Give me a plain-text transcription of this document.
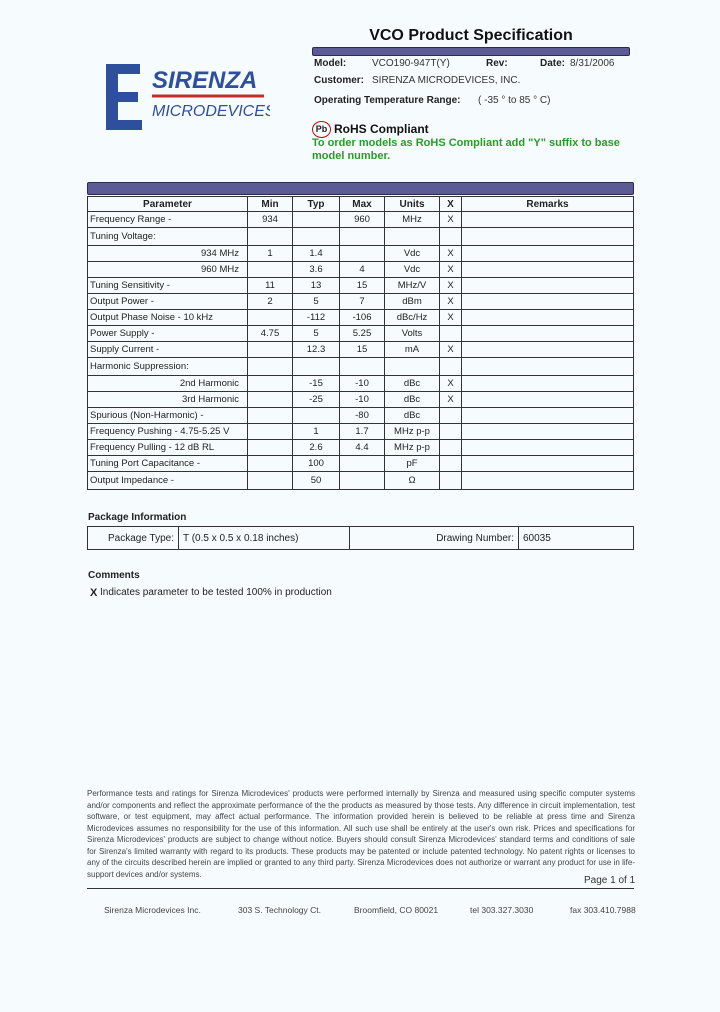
VCO Product Specification
Model:	VCO190-947T(Y)	Rev:	Date: 8/31/2006
Customer: SIRENZA MICRODEVICES, INC.
Operating Temperature Range: ( -35 ° to 85 ° C)
SIRENZA
MICRODEVICES
Pb RoHS Compliant
To order models as RoHS Compliant add "Y" suffix to base model number.
Parameter	Min	Typ	Max	Units	X	Remarks
Frequency Range -	934		960	MHz	X	
Tuning Voltage:						
934 MHz	1	1.4		Vdc	X	
960 MHz		3.6	4	Vdc	X	
Tuning Sensitivity -	11	13	15	MHz/V	X	
Output Power -	2	5	7	dBm	X	
Output Phase Noise - 10 kHz		-112	-106	dBc/Hz	X	
Power Supply -	4.75	5	5.25	Volts		
Supply Current -		12.3	15	mA	X	
Harmonic Suppression:						
2nd Harmonic		-15	-10	dBc	X	
3rd Harmonic		-25	-10	dBc	X	
Spurious (Non-Harmonic) -			-80	dBc		
Frequency Pushing - 4.75-5.25 V		1	1.7	MHz p-p		
Frequency Pulling - 12 dB RL		2.6	4.4	MHz p-p		
Tuning Port Capacitance -		100		pF		
Output Impedance -		50		Ω		
Package Information
Package Type:	T (0.5 x 0.5 x 0.18 inches)	Drawing Number:	60035
Comments
X Indicates parameter to be tested 100% in production
Performance tests and ratings for Sirenza Microdevices' products were performed internally by Sirenza and measured using specific computer systems and/or components and reflect the approximate performance of the the products as measured by those tests. Any difference in circuit implementation, test software, or test equipment, may affect actual performance. The information provided herein is believed to be reliable at press time and Sirenza Microdevices assumes no responsibility for the use of this information. All such use shall be entirely at the user's own risk. Prices and specifications for Sirenza Microdevices' products are subject to change without notice. Buyers should consult Sirenza Microdevices' standard terms and conditions of sale for Sirenza's limited warranty with regard to its products. These products may be patented or include patented technology. No patent rights or licenses to any of the circuits described herein are implied or granted to any third party. Sirenza Microdevices does not authorize or warrant any product for use in life-support devices and/or systems.
Page 1 of 1
Sirenza Microdevices Inc.	303 S. Technology Ct.	Broomfield, CO 80021	tel 303.327.3030	fax 303.410.7988
